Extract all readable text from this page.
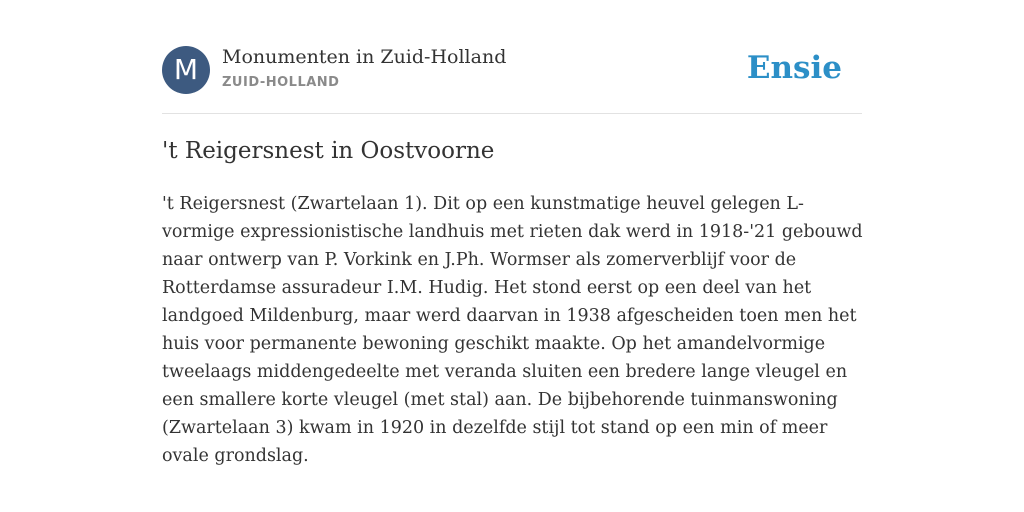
M	Monumenten in Zuid-Holland
ZUID-HOLLAND	Ensie
't Reigersnest in Oostvoorne

't Reigersnest (Zwartelaan 1). Dit op een kunstmatige heuvel gelegen L-vormige expressionistische landhuis met rieten dak werd in 1918-'21 gebouwd naar ontwerp van P. Vorkink en J.Ph. Wormser als zomerverblijf voor de Rotterdamse assuradeur I.M. Hudig. Het stond eerst op een deel van het landgoed Mildenburg, maar werd daarvan in 1938 afgescheiden toen men het huis voor permanente bewoning geschikt maakte. Op het amandelvormige tweelaags middengedeelte met veranda sluiten een bredere lange vleugel en een smallere korte vleugel (met stal) aan. De bijbehorende tuinmanswoning (Zwartelaan 3) kwam in 1920 in dezelfde stijl tot stand op een min of meer ovale grondslag.
